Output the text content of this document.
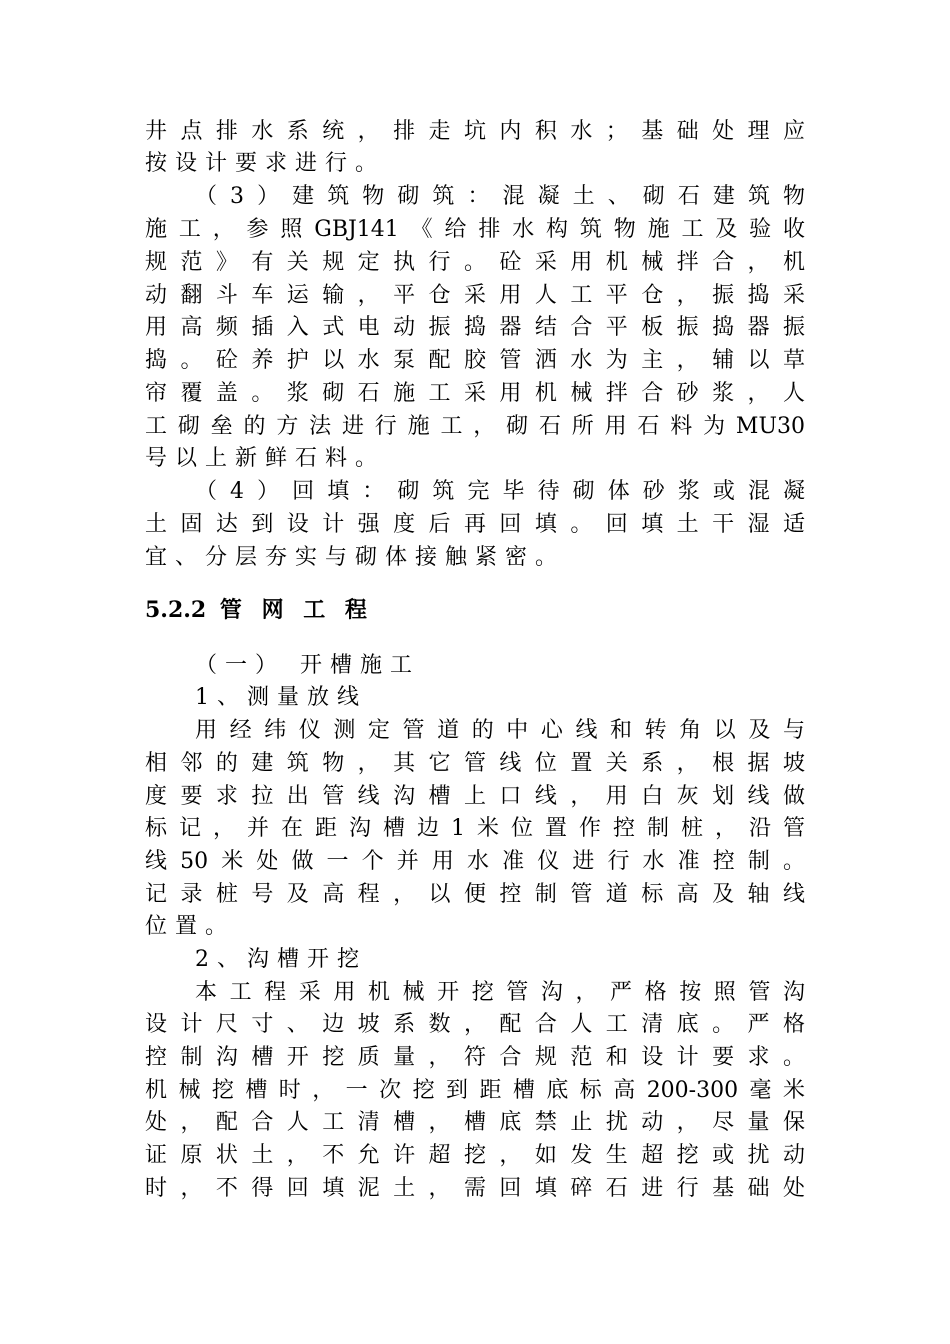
井点排水系统，排走坑内积水；基础处理应
按设计要求进行。
（3）建筑物砌筑：混凝土、砌石建筑物
施工，参照GBJ141《给排水构筑物施工及验收
规范》有关规定执行。砼采用机械拌合，机
动翻斗车运输，平仓采用人工平仓，振捣采
用高频插入式电动振捣器结合平板振捣器振
捣。砼养护以水泵配胶管洒水为主，辅以草
帘覆盖。浆砌石施工采用机械拌合砂浆，人
工砌垒的方法进行施工，砌石所用石料为MU30
号以上新鲜石料。
（4）回填：砌筑完毕待砌体砂浆或混凝
土固达到设计强度后再回填。回填土干湿适
宜、分层夯实与砌体接触紧密。
5.2.2 管 网 工 程
（一） 开槽施工
1、测量放线
用经纬仪测定管道的中心线和转角以及与
相邻的建筑物，其它管线位置关系，根据坡
度要求拉出管线沟槽上口线，用白灰划线做
标记，并在距沟槽边1米位置作控制桩，沿管
线50米处做一个并用水准仪进行水准控制。
记录桩号及高程，以便控制管道标高及轴线
位置。
2、沟槽开挖
本工程采用机械开挖管沟，严格按照管沟
设计尺寸、边坡系数，配合人工清底。严格
控制沟槽开挖质量，符合规范和设计要求。
机械挖槽时，一次挖到距槽底标高200-300毫米
处，配合人工清槽，槽底禁止扰动，尽量保
证原状土，不允许超挖，如发生超挖或扰动
时，不得回填泥土，需回填碎石进行基础处
